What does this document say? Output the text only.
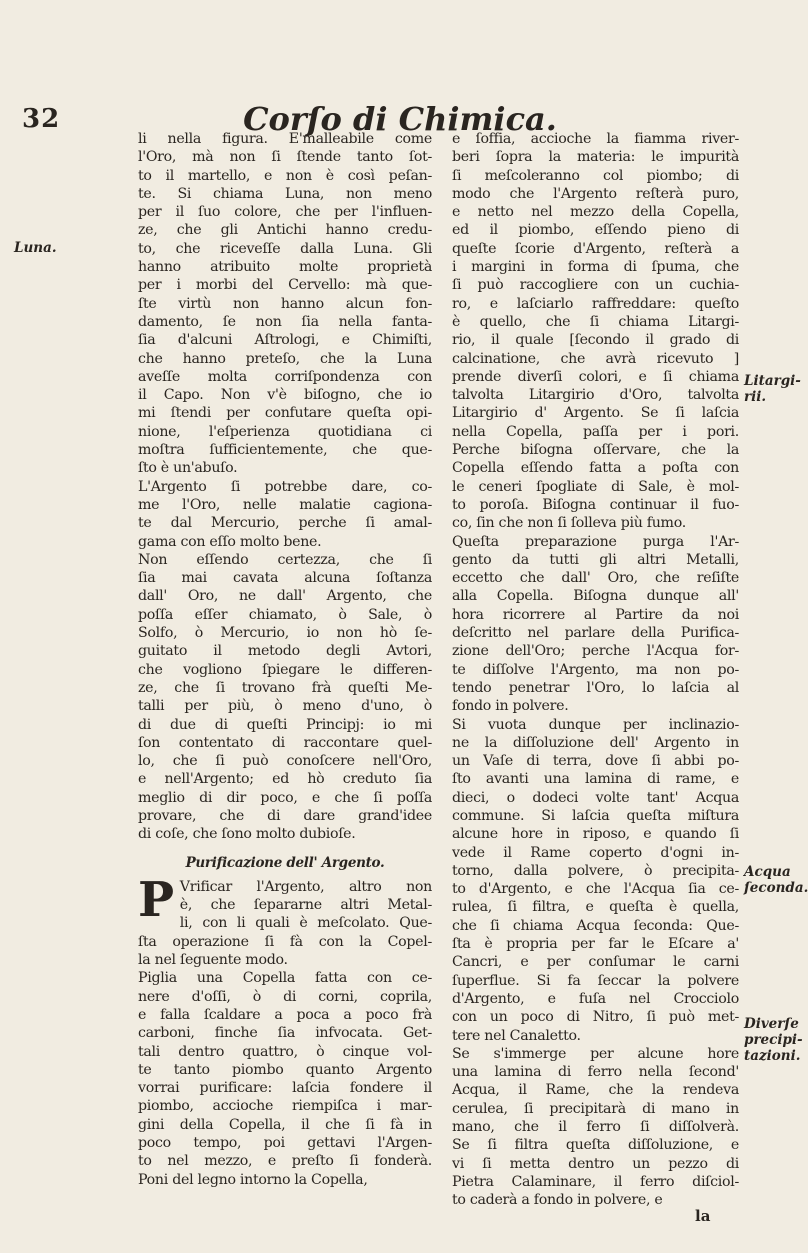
32	Corſo di Chimica.
Luna.
Litargi-
rii.
Acqua
ſeconda.
Diverſe
precipi-
tazioni.

li nella figura. E'malleabile come
l'Oro, mà non ſi ſtende tanto ſot-
to il martello, e non è così peſan-
te. Si chiama Luna, non meno
per il ſuo colore, che per l'influen-
ze, che gli Antichi hanno credu-
to, che riceveſſe dalla Luna. Gli
hanno atribuito molte proprietà
per i morbi del Cervello: mà que-
ſte virtù non hanno alcun fon-
damento, ſe non ſia nella fanta-
ſia d'alcuni Aſtrologi, e Chimiſti,
che hanno preteſo, che la Luna
aveſſe molta corriſpondenza con
il Capo. Non v'è biſogno, che io
mi ſtendi per confutare queſta opi-
nione, l'eſperienza quotidiana ci
moſtra ſufficientemente, che que-
ſto è un'abuſo.

L'Argento ſi potrebbe dare, co-
me l'Oro, nelle malatie cagiona-
te dal Mercurio, perche ſi amal-
gama con eſſo molto bene.

Non eſſendo certezza, che ſi
ſia mai cavata alcuna ſoſtanza
dall' Oro, ne dall' Argento, che
poſſa eſſer chiamato, ò Sale, ò
Solfo, ò Mercurio, io non hò ſe-
guitato il metodo degli Avtori,
che vogliono ſpiegare le differen-
ze, che ſi trovano frà queſti Me-
talli per più, ò meno d'uno, ò
di due di queſti Principj: io mi
ſon contentato di raccontare quel-
lo, che ſi può conoſcere nell'Oro,
e nell'Argento; ed hò creduto ſia
meglio di dir poco, e che ſi poſſa
provare, che di dare grand'idee
di coſe, che ſono molto dubioſe.

Purificazione dell' Argento.
P Vrificar l'Argento, altro non
è, che ſepararne altri Metal-
li, con li quali è meſcolato. Que-
ſta operazione ſi fà con la Copel-
la nel ſeguente modo.

Piglia una Copella fatta con ce-
nere d'oſſi, ò di corni, coprila,
e falla ſcaldare a poca a poco frà
carboni, finche ſia infvocata. Get-
tali dentro quattro, ò cinque vol-
te tanto piombo quanto Argento
vorrai purificare: laſcia fondere il
piombo, accioche riempiſca i mar-
gini della Copella, il che ſi fà in
poco tempo, poi gettavi l'Argen-
to nel mezzo, e preſto ſi fonderà.
Poni del legno intorno la Copella,

e ſoffia, accioche la fiamma river-
beri ſopra la materia: le impurità
ſi meſcoleranno col piombo; di
modo che l'Argento reſterà puro,
e netto nel mezzo della Copella,
ed il piombo, eſſendo pieno di
queſte ſcorie d'Argento, reſterà a
i margini in forma di ſpuma, che
ſi può raccogliere con un cuchia-
ro, e laſciarlo raffreddare: queſto
è quello, che ſi chiama Litargi-
rio, il quale [ſecondo il grado di
calcinatione, che avrà ricevuto ]
prende diverſi colori, e ſi chiama
talvolta Litargirio d'Oro, talvolta
Litargirio d' Argento. Se ſi laſcia
nella Copella, paſſa per i pori.
Perche biſogna oſſervare, che la
Copella eſſendo fatta a poſta con
le ceneri ſpogliate di Sale, è mol-
to poroſa. Biſogna continuar il fuo-
co, ſin che non ſi ſolleva più fumo.

Queſta preparazione purga l'Ar-
gento da tutti gli altri Metalli,
eccetto che dall' Oro, che reſiſte
alla Copella. Biſogna dunque all'
hora ricorrere al Partire da noi
deſcritto nel parlare della Purifica-
zione dell'Oro; perche l'Acqua for-
te diſſolve l'Argento, ma non po-
tendo penetrar l'Oro, lo laſcia al
fondo in polvere.

Si vuota dunque per inclinazio-
ne la diſſoluzione dell' Argento in
un Vaſe di terra, dove ſi abbi po-
ſto avanti una lamina di rame, e
dieci, o dodeci volte tant' Acqua
commune. Si laſcia queſta miſtura
alcune hore in riposo, e quando ſi
vede il Rame coperto d'ogni in-
torno, dalla polvere, ò precipita-
to d'Argento, e che l'Acqua ſia ce-
rulea, ſi filtra, e queſta è quella,
che ſi chiama Acqua ſeconda: Que-
ſta è propria per far le Eſcare a'
Cancri, e per conſumar le carni
ſuperflue. Si fa ſeccar la polvere
d'Argento, e fuſa nel Crocciolo
con un poco di Nitro, ſi può met-
tere nel Canaletto.

Se s'immerge per alcune hore
una lamina di ferro nella ſecond'
Acqua, il Rame, che la rendeva
cerulea, ſi precipitarà di mano in
mano, che il ferro ſi diſſolverà.
Se ſi filtra queſta diſſoluzione, e
vi ſi metta dentro un pezzo di
Pietra Calaminare, il ferro diſciol-
to caderà a fondo in polvere, e

la
